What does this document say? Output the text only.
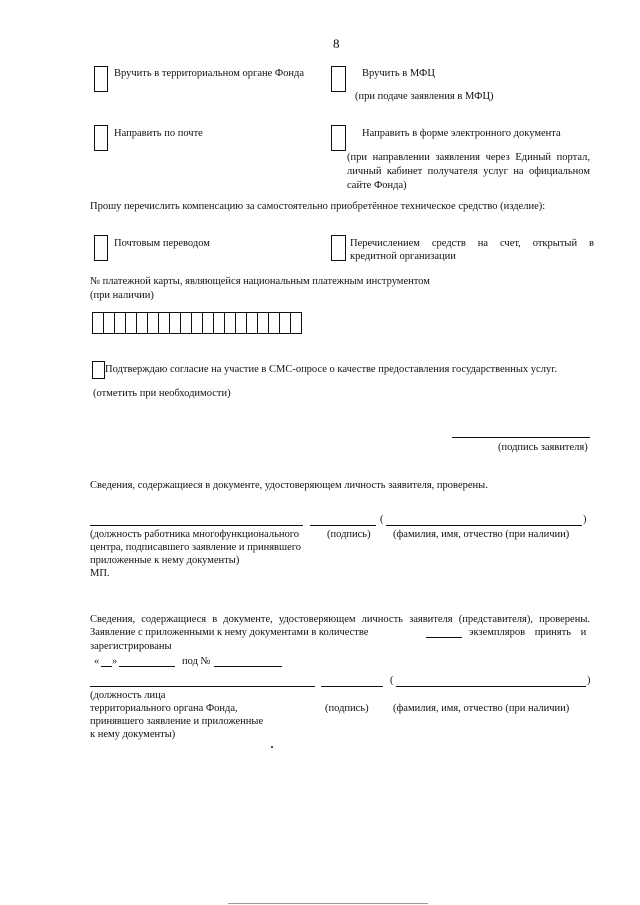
8
Вручить в территориальном органе Фонда	Вручить в МФЦ
(при подаче заявления в МФЦ)
Направить по почте	Направить в форме электронного документа
(при направлении заявления через Единый портал,
личный кабинет получателя услуг на официальном
сайте Фонда)
Прошу перечислить компенсацию за самостоятельно приобретённое техническое средство (изделие):
Почтовым переводом	Перечислением средств на счет, открытый в
кредитной организации
№ платежной карты, являющейся национальным платежным инструментом
(при наличии)
Подтверждаю согласие на участие в СМС-опросе о качестве предоставления государственных услуг.
(отметить при необходимости)
(подпись заявителя)
Сведения, содержащиеся в документе, удостоверяющем личность заявителя, проверены.
(	)
(должность работника многофункционального
центра, подписавшего заявление и принявшего
приложенные к нему документы)
(подпись) (фамилия, имя, отчество (при наличии)
МП.
Сведения, содержащиеся в документе, удостоверяющем личность заявителя (представителя), проверены.
Заявление с приложенными к нему документами в количестве	экземпляров принять и
зарегистрированы
« »	под №
(	)
(должность лица
территориального органа Фонда,
принявшего заявление и приложенные
к нему документы)
(подпись) (фамилия, имя, отчество (при наличии)
